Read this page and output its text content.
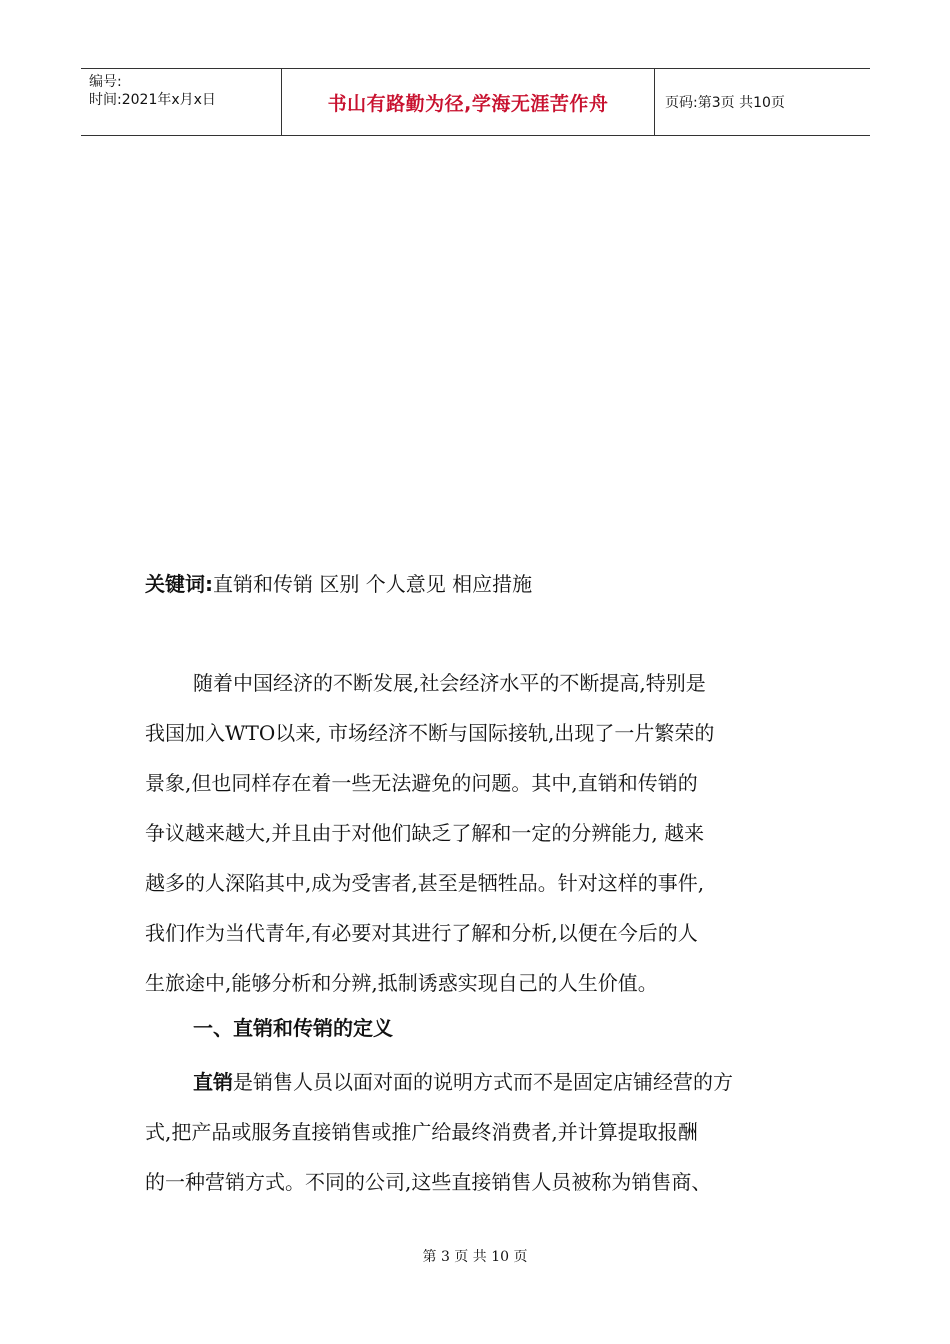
编号:
时间:2021年x月x日	书山有路勤为径,学海无涯苦作舟	页码:第3页 共10页
关键词:直销和传销 区别 个人意见 相应措施
随着中国经济的不断发展,社会经济水平的不断提高,特别是
我国加入WTO以来, 市场经济不断与国际接轨,出现了一片繁荣的
景象,但也同样存在着一些无法避免的问题。其中,直销和传销的
争议越来越大,并且由于对他们缺乏了解和一定的分辨能力, 越来
越多的人深陷其中,成为受害者,甚至是牺牲品。针对这样的事件,
我们作为当代青年,有必要对其进行了解和分析,以便在今后的人
生旅途中,能够分析和分辨,抵制诱惑实现自己的人生价值。
一、直销和传销的定义
直销是销售人员以面对面的说明方式而不是固定店铺经营的方
式,把产品或服务直接销售或推广给最终消费者,并计算提取报酬
的一种营销方式。不同的公司,这些直接销售人员被称为销售商、
第 3 页 共 10 页
